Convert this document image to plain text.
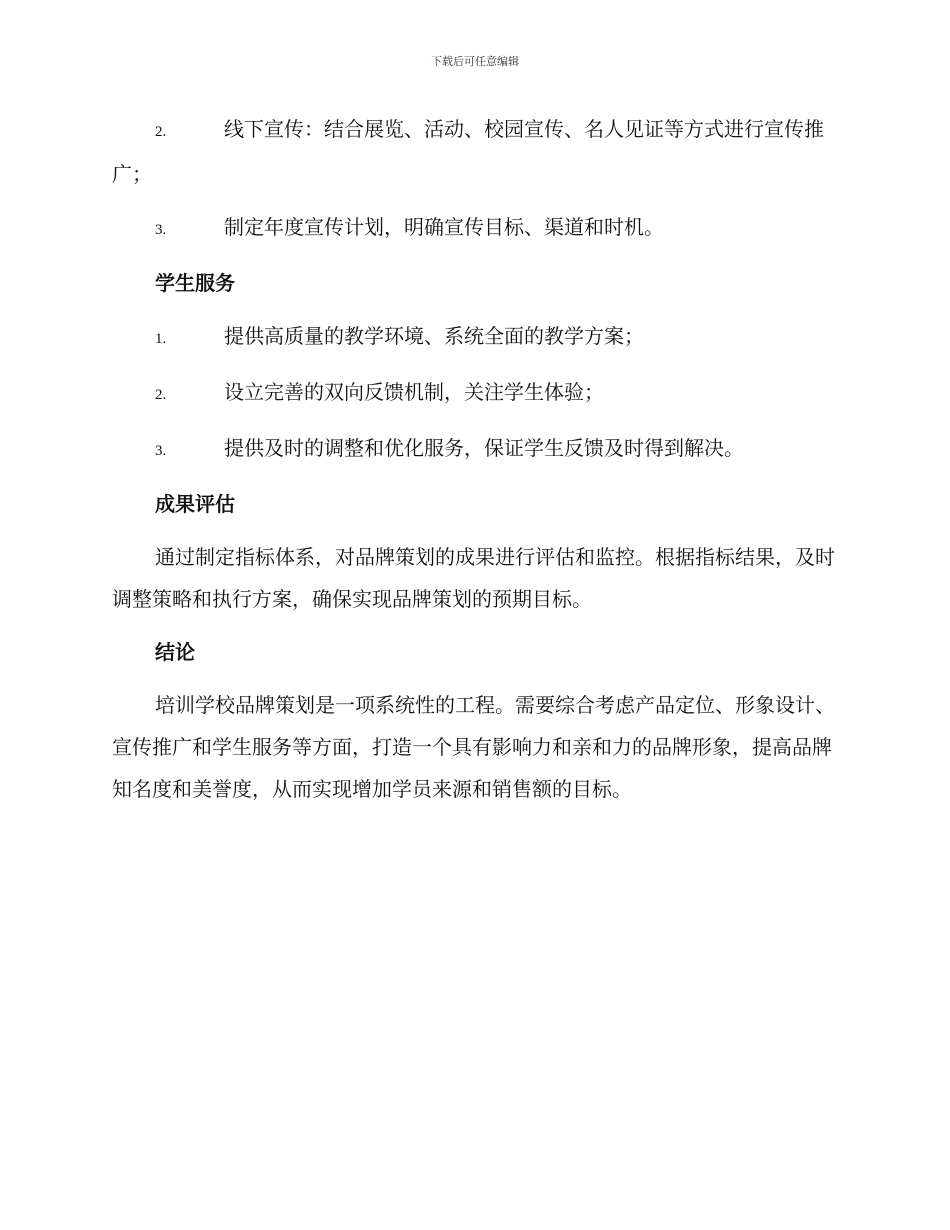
下载后可任意编辑
2.	线下宣传：结合展览、活动、校园宣传、名人见证等方式进行宣传推广；
3.	制定年度宣传计划，明确宣传目标、渠道和时机。
学生服务
1.	提供高质量的教学环境、系统全面的教学方案；
2.	设立完善的双向反馈机制，关注学生体验；
3.	提供及时的调整和优化服务，保证学生反馈及时得到解决。
成果评估
通过制定指标体系，对品牌策划的成果进行评估和监控。根据指标结果，及时调整策略和执行方案，确保实现品牌策划的预期目标。
结论
培训学校品牌策划是一项系统性的工程。需要综合考虑产品定位、形象设计、宣传推广和学生服务等方面，打造一个具有影响力和亲和力的品牌形象，提高品牌知名度和美誉度，从而实现增加学员来源和销售额的目标。
